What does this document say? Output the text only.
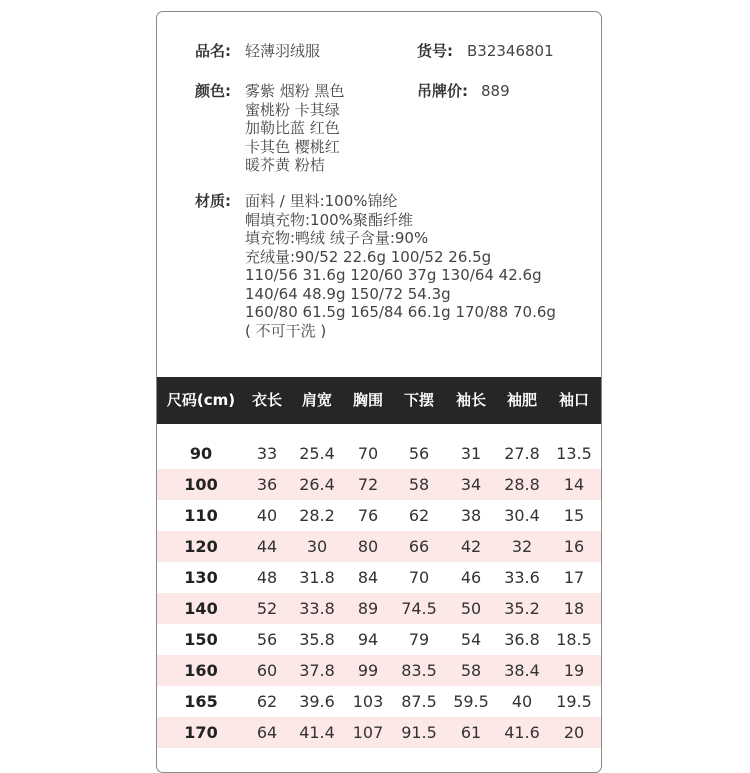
品名: 轻薄羽绒服	货号: B32346801
颜色: 雾紫 烟粉 黑色
蜜桃粉 卡其绿
加勒比蓝 红色
卡其色 樱桃红
暖芥黄 粉桔
吊牌价: 889
材质: 面料 / 里料:100%锦纶
帽填充物:100%聚酯纤维
填充物:鸭绒 绒子含量:90%
充绒量:90/52 22.6g 100/52 26.5g
110/56 31.6g 120/60 37g 130/64 42.6g
140/64 48.9g 150/72 54.3g
160/80 61.5g 165/84 66.1g 170/88 70.6g
( 不可干洗 )
尺码(cm)	衣长	肩宽	胸围	下摆	袖长	袖肥	袖口
90	33	25.4	70	56	31	27.8	13.5
100	36	26.4	72	58	34	28.8	14
110	40	28.2	76	62	38	30.4	15
120	44	30	80	66	42	32	16
130	48	31.8	84	70	46	33.6	17
140	52	33.8	89	74.5	50	35.2	18
150	56	35.8	94	79	54	36.8	18.5
160	60	37.8	99	83.5	58	38.4	19
165	62	39.6	103	87.5	59.5	40	19.5
170	64	41.4	107	91.5	61	41.6	20
